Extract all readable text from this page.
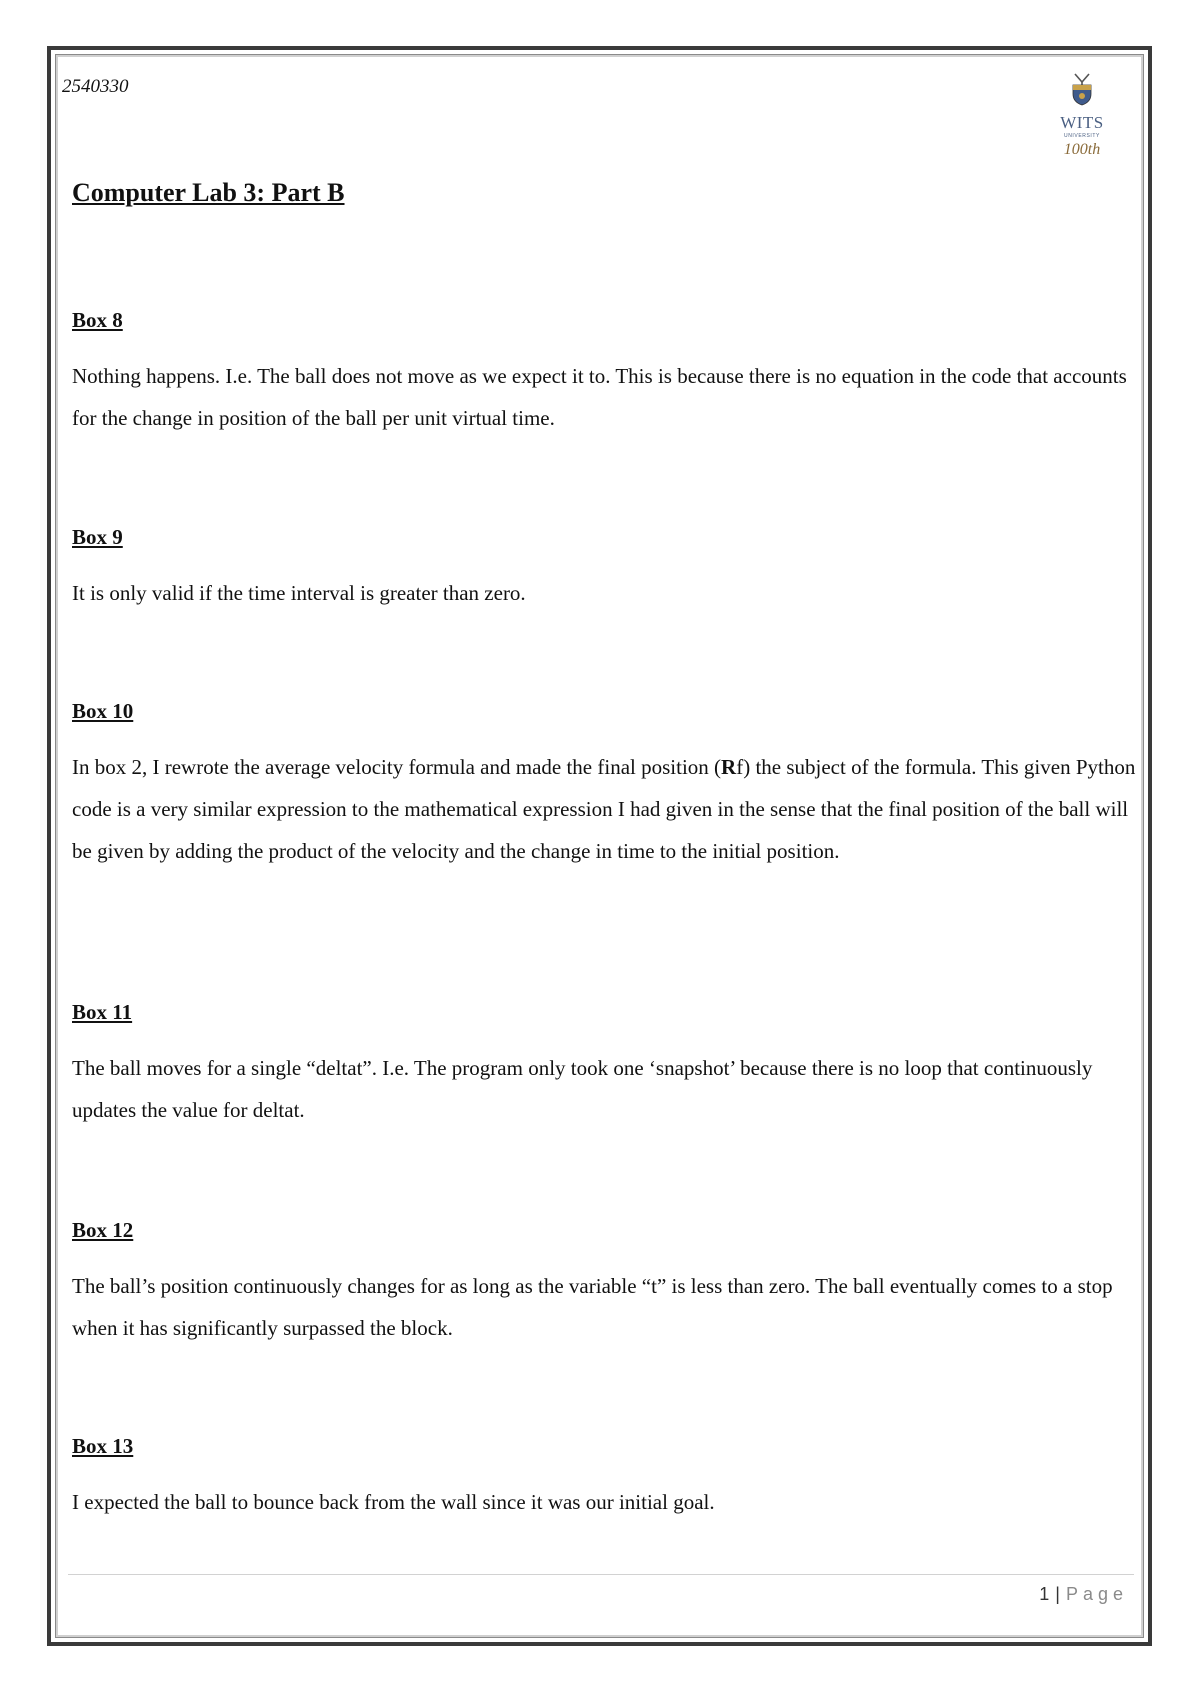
2540330
WITS
UNIVERSITY
100th
Computer Lab 3: Part B
Box 8

Nothing happens. I.e. The ball does not move as we expect it to. This is because there is no equation in the code that accounts for the change in position of the ball per unit virtual time.

Box 9

It is only valid if the time interval is greater than zero.

Box 10

In box 2, I rewrote the average velocity formula and made the final position (Rf) the subject of the formula. This given Python code is a very similar expression to the mathematical expression I had given in the sense that the final position of the ball will be given by adding the product of the velocity and the change in time to the initial position.

Box 11

The ball moves for a single “deltat”. I.e. The program only took one ‘snapshot’ because there is no loop that continuously updates the value for deltat.

Box 12

The ball’s position continuously changes for as long as the variable “t” is less than zero. The ball eventually comes to a stop when it has significantly surpassed the block.

Box 13

I expected the ball to bounce back from the wall since it was our initial goal.

1 | Page
